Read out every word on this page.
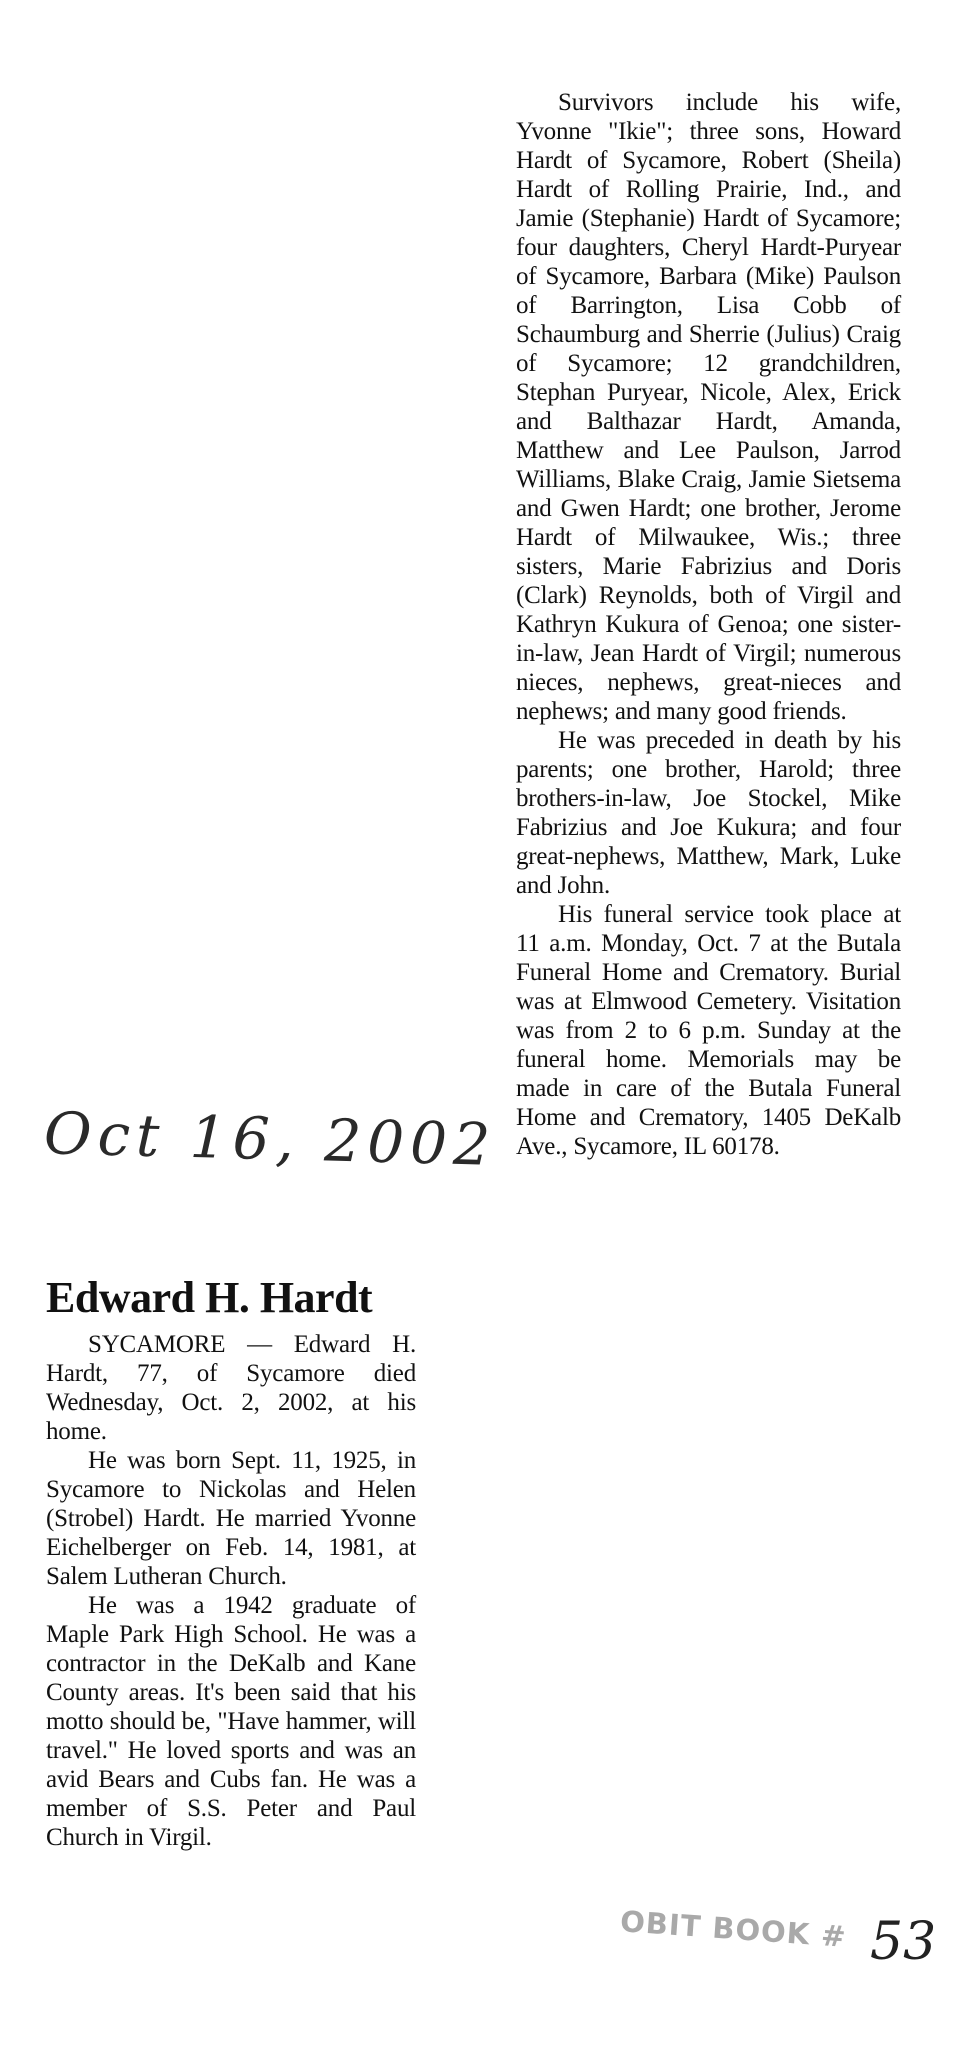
Survivors include his wife, Yvonne "Ikie"; three sons, Howard Hardt of Sycamore, Robert (Sheila) Hardt of Rolling Prairie, Ind., and Jamie (Stephanie) Hardt of Sycamore; four daughters, Cheryl Hardt-Puryear of Sycamore, Barbara (Mike) Paulson of Barrington, Lisa Cobb of Schaumburg and Sherrie (Julius) Craig of Sycamore; 12 grandchildren, Stephan Puryear, Nicole, Alex, Erick and Balthazar Hardt, Amanda, Matthew and Lee Paulson, Jarrod Williams, Blake Craig, Jamie Sietsema and Gwen Hardt; one brother, Jerome Hardt of Milwaukee, Wis.; three sisters, Marie Fabrizius and Doris (Clark) Reynolds, both of Virgil and Kathryn Kukura of Genoa; one sister-in-law, Jean Hardt of Virgil; numerous nieces, nephews, great-nieces and nephews; and many good friends.

He was preceded in death by his parents; one brother, Harold; three brothers-in-law, Joe Stockel, Mike Fabrizius and Joe Kukura; and four great-nephews, Matthew, Mark, Luke and John.

His funeral service took place at 11 a.m. Monday, Oct. 7 at the Butala Funeral Home and Crematory. Burial was at Elmwood Cemetery. Visitation was from 2 to 6 p.m. Sunday at the funeral home. Memorials may be made in care of the Butala Funeral Home and Crematory, 1405 DeKalb Ave., Sycamore, IL 60178.

Oct 16, 2002
Edward H. Hardt

SYCAMORE — Edward H. Hardt, 77, of Sycamore died Wednesday, Oct. 2, 2002, at his home.

He was born Sept. 11, 1925, in Sycamore to Nickolas and Helen (Strobel) Hardt. He married Yvonne Eichelberger on Feb. 14, 1981, at Salem Lutheran Church.

He was a 1942 graduate of Maple Park High School. He was a contractor in the DeKalb and Kane County areas. It's been said that his motto should be, "Have hammer, will travel." He loved sports and was an avid Bears and Cubs fan. He was a member of S.S. Peter and Paul Church in Virgil.

OBIT BOOK # 53
